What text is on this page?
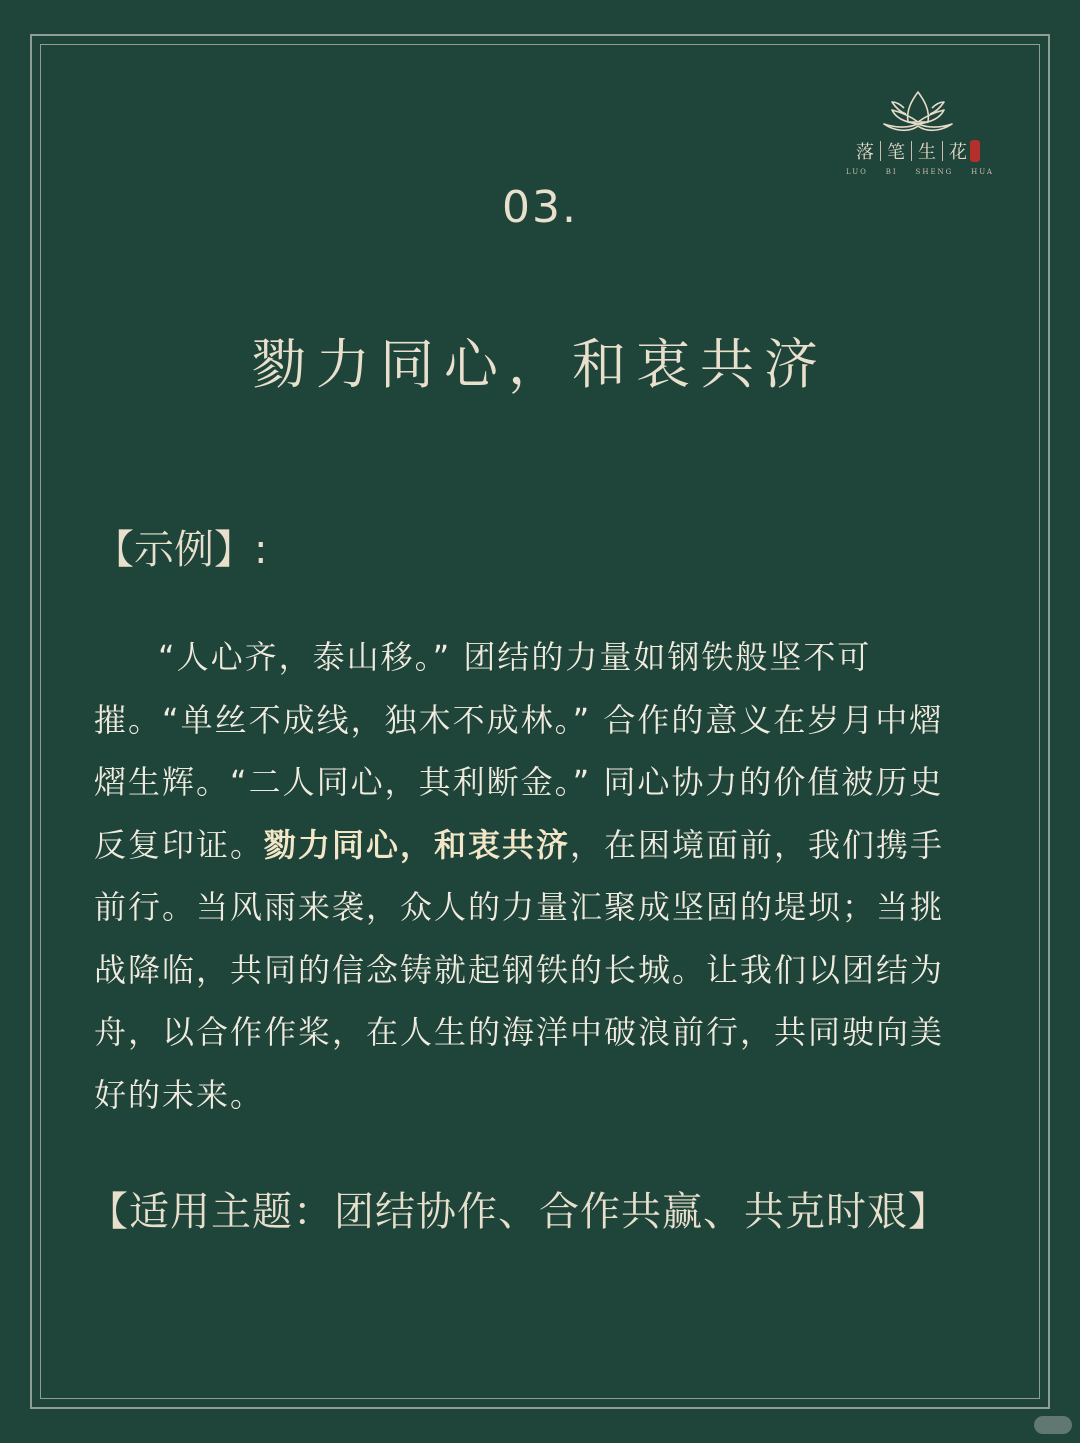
落 笔 生 花
LUO	BI	SHENG	HUA
03.
勠力同心，和衷共济
【示例】:

“人心齐，泰山移。” 团结的力量如钢铁般坚不可摧。“单丝不成线，独木不成林。” 合作的意义在岁月中熠熠生辉。“二人同心，其利断金。” 同心协力的价值被历史反复印证。勠力同心，和衷共济，在困境面前，我们携手前行。当风雨来袭，众人的力量汇聚成坚固的堤坝；当挑战降临，共同的信念铸就起钢铁的长城。让我们以团结为舟，以合作作桨，在人生的海洋中破浪前行，共同驶向美好的未来。

【适用主题：团结协作、合作共赢、共克时艰】
